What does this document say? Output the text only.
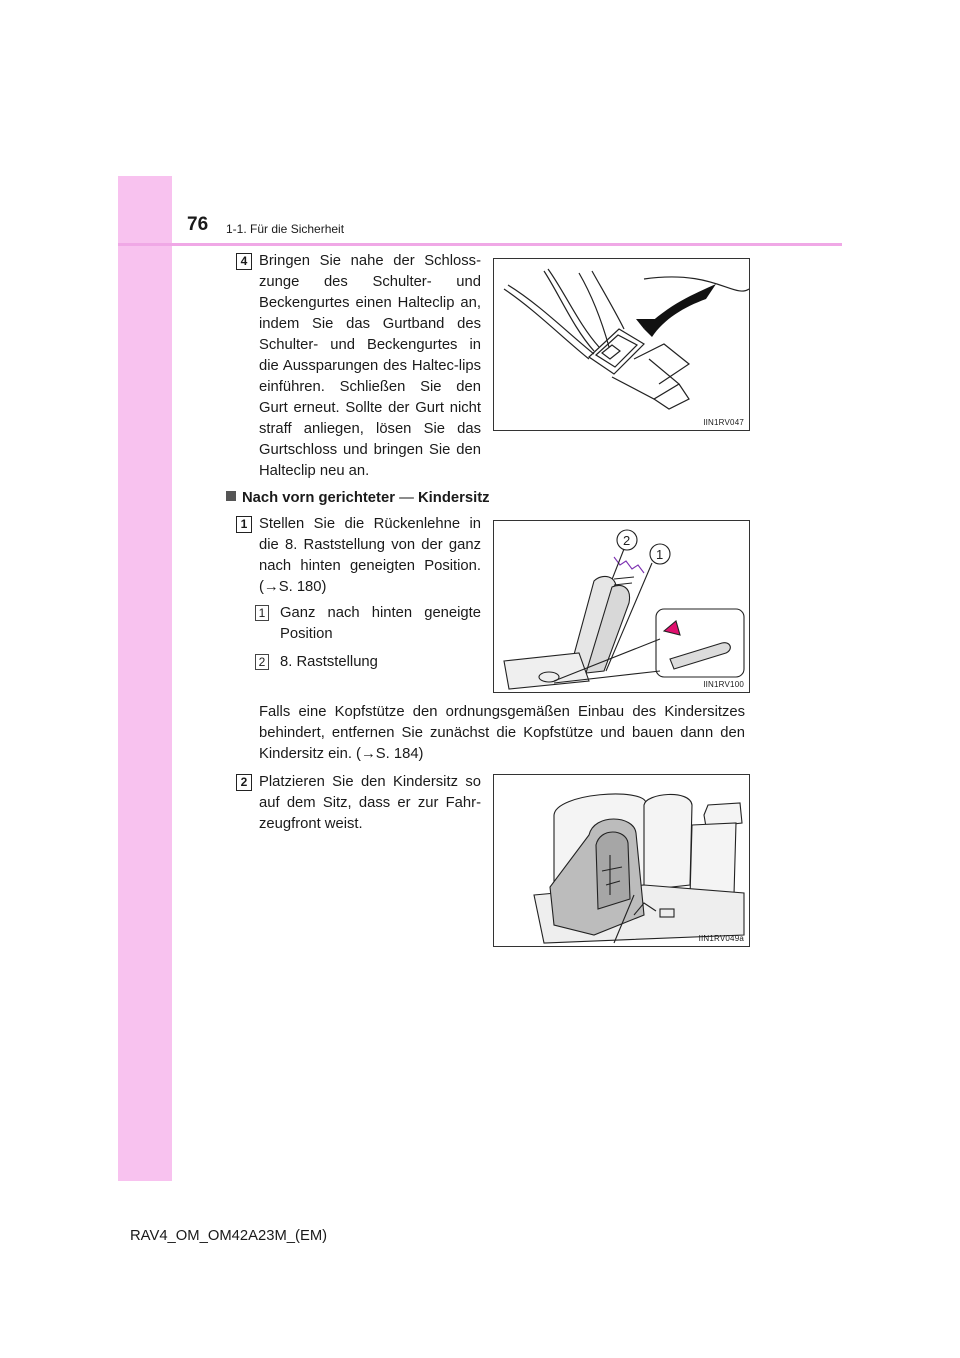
76 1-1. Für die Sicherheit
4 Bringen Sie nahe der Schloss-zunge des Schulter- und Beckengurtes einen Halteclip an, indem Sie das Gurtband des Schulter- und Beckengurtes in die Aussparungen des Haltec-lips einführen. Schließen Sie den Gurt erneut. Sollte der Gurt nicht straff anliegen, lösen Sie das Gurtschloss und bringen Sie den Halteclip neu an.
IIN1RV047
Nach vorn gerichteter — Kindersitz
1 Stellen Sie die Rückenlehne in die 8. Raststellung von der ganz nach hinten geneigten Position. (→S. 180)
1 Ganz nach hinten geneigte Position
2 8. Raststellung
2
1
IIN1RV100
Falls eine Kopfstütze den ordnungsgemäßen Einbau des Kindersitzes behindert, entfernen Sie zunächst die Kopfstütze und bauen dann den Kindersitz ein. (→S. 184)
2 Platzieren Sie den Kindersitz so auf dem Sitz, dass er zur Fahr-zeugfront weist.
IIN1RV049a
RAV4_OM_OM42A23M_(EM)
